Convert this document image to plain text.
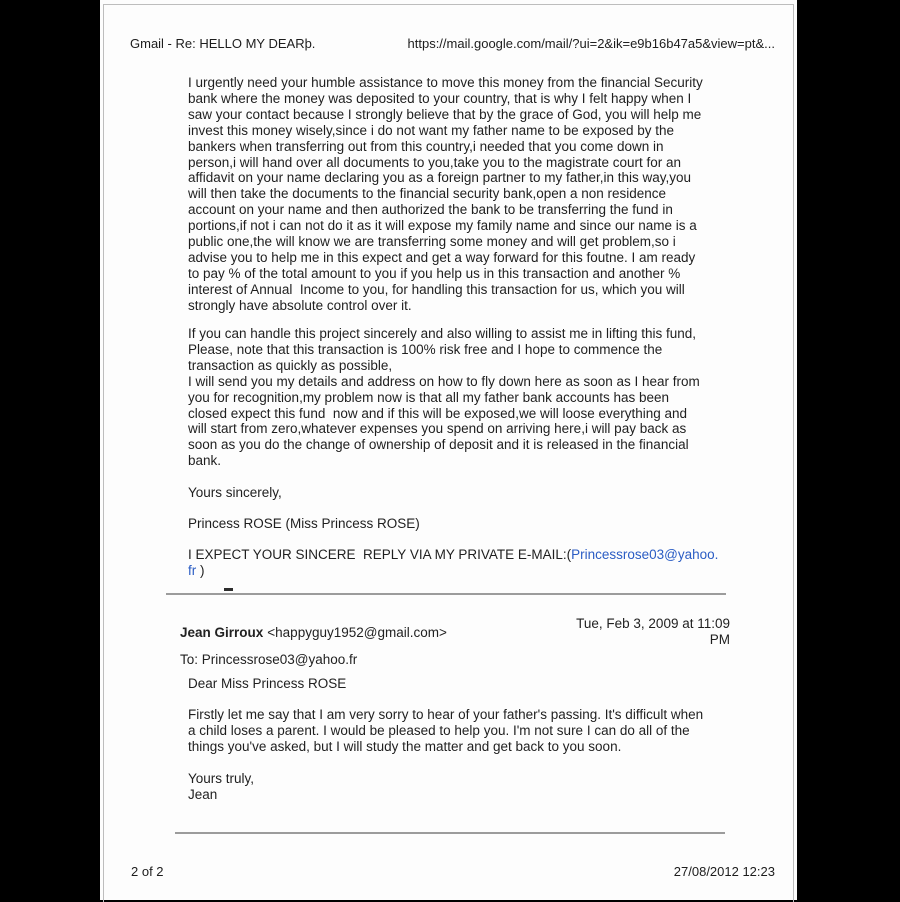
Gmail - Re: HELLO MY DEARþ.	https://mail.google.com/mail/?ui=2&ik=e9b16b47a5&view=pt&...
I urgently need your humble assistance to move this money from the financial Security
bank where the money was deposited to your country, that is why I felt happy when I
saw your contact because I strongly believe that by the grace of God, you will help me
invest this money wisely,since i do not want my father name to be exposed by the
bankers when transferring out from this country,i needed that you come down in
person,i will hand over all documents to you,take you to the magistrate court for an
affidavit on your name declaring you as a foreign partner to my father,in this way,you
will then take the documents to the financial security bank,open a non residence
account on your name and then authorized the bank to be transferring the fund in
portions,if not i can not do it as it will expose my family name and since our name is a
public one,the will know we are transferring some money and will get problem,so i
advise you to help me in this expect and get a way forward for this foutne. I am ready
to pay % of the total amount to you if you help us in this transaction and another %
interest of Annual  Income to you, for handling this transaction for us, which you will
strongly have absolute control over it.
If you can handle this project sincerely and also willing to assist me in lifting this fund,
Please, note that this transaction is 100% risk free and I hope to commence the
transaction as quickly as possible,
I will send you my details and address on how to fly down here as soon as I hear from
you for recognition,my problem now is that all my father bank accounts has been
closed expect this fund  now and if this will be exposed,we will loose everything and
will start from zero,whatever expenses you spend on arriving here,i will pay back as
soon as you do the change of ownership of deposit and it is released in the financial
bank.
Yours sincerely,
Princess ROSE (Miss Princess ROSE)
I EXPECT YOUR SINCERE  REPLY VIA MY PRIVATE E-MAIL:(Princessrose03@yahoo.
fr )
Jean Girroux <happyguy1952@gmail.com>
Tue, Feb 3, 2009 at 11:09
PM
To: Princessrose03@yahoo.fr
Dear Miss Princess ROSE
Firstly let me say that I am very sorry to hear of your father's passing. It's difficult when
a child loses a parent. I would be pleased to help you. I'm not sure I can do all of the
things you've asked, but I will study the matter and get back to you soon.
Yours truly,
Jean
2 of 2	27/08/2012 12:23
